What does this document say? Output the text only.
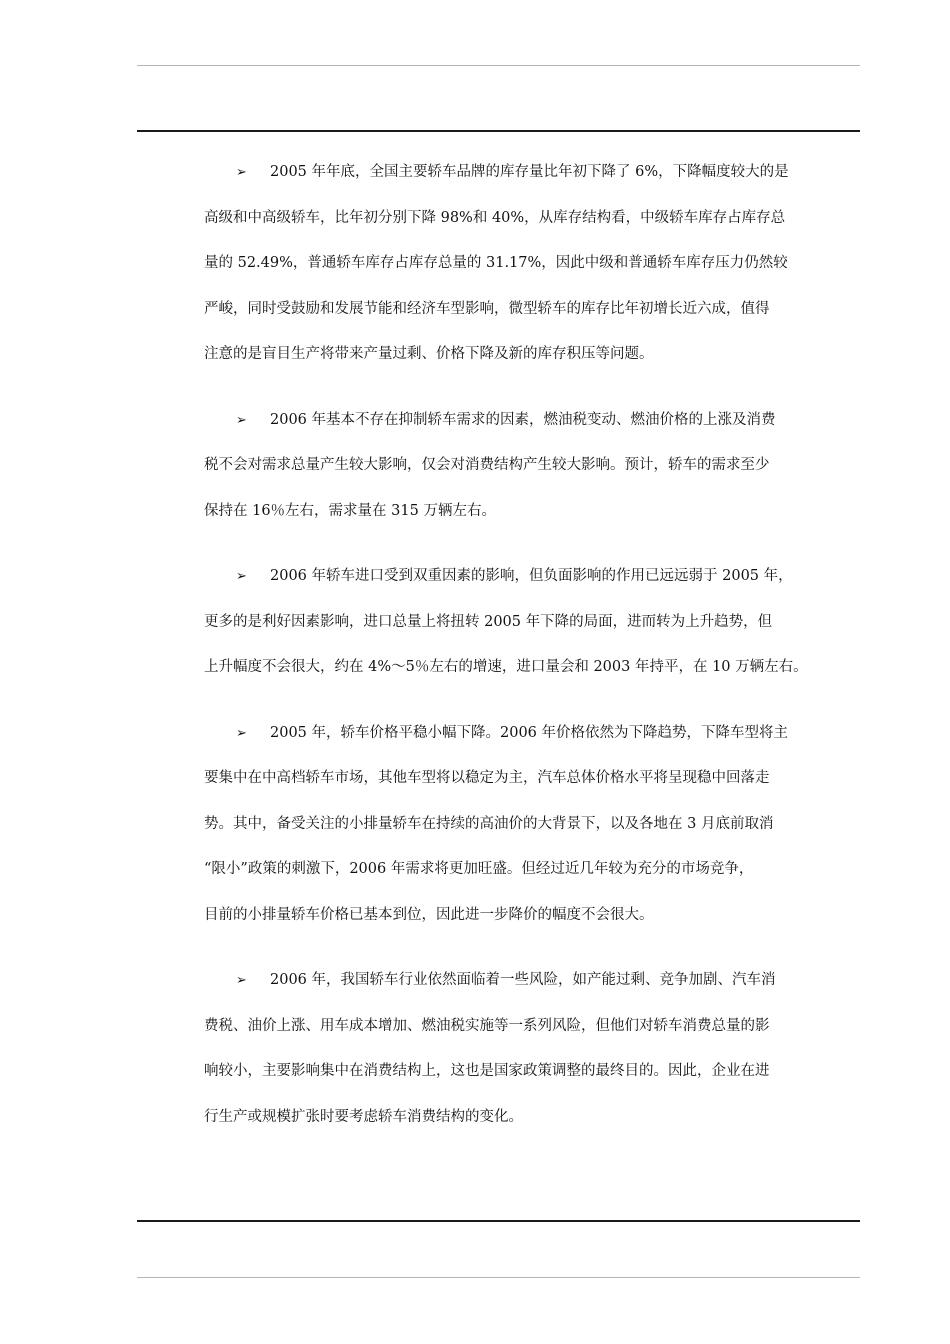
➢ 2005 年年底，全国主要轿车品牌的库存量比年初下降了 6%，下降幅度较大的是
高级和中高级轿车，比年初分别下降 98%和 40%，从库存结构看，中级轿车库存占库存总
量的 52.49%，普通轿车库存占库存总量的 31.17%，因此中级和普通轿车库存压力仍然较
严峻，同时受鼓励和发展节能和经济车型影响，微型轿车的库存比年初增长近六成，值得
注意的是盲目生产将带来产量过剩、价格下降及新的库存积压等问题。
➢ 2006 年基本不存在抑制轿车需求的因素，燃油税变动、燃油价格的上涨及消费
税不会对需求总量产生较大影响，仅会对消费结构产生较大影响。预计，轿车的需求至少
保持在 16％左右，需求量在 315 万辆左右。
➢ 2006 年轿车进口受到双重因素的影响，但负面影响的作用已远远弱于 2005 年，
更多的是利好因素影响，进口总量上将扭转 2005 年下降的局面，进而转为上升趋势，但
上升幅度不会很大，约在 4%～5％左右的增速，进口量会和 2003 年持平，在 10 万辆左右。
➢ 2005 年，轿车价格平稳小幅下降。2006 年价格依然为下降趋势，下降车型将主
要集中在中高档轿车市场，其他车型将以稳定为主，汽车总体价格水平将呈现稳中回落走
势。其中，备受关注的小排量轿车在持续的高油价的大背景下，以及各地在 3 月底前取消
“限小”政策的刺激下，2006 年需求将更加旺盛。但经过近几年较为充分的市场竞争，
目前的小排量轿车价格已基本到位，因此进一步降价的幅度不会很大。
➢ 2006 年，我国轿车行业依然面临着一些风险，如产能过剩、竞争加剧、汽车消
费税、油价上涨、用车成本增加、燃油税实施等一系列风险，但他们对轿车消费总量的影
响较小，主要影响集中在消费结构上，这也是国家政策调整的最终目的。因此，企业在进
行生产或规模扩张时要考虑轿车消费结构的变化。
